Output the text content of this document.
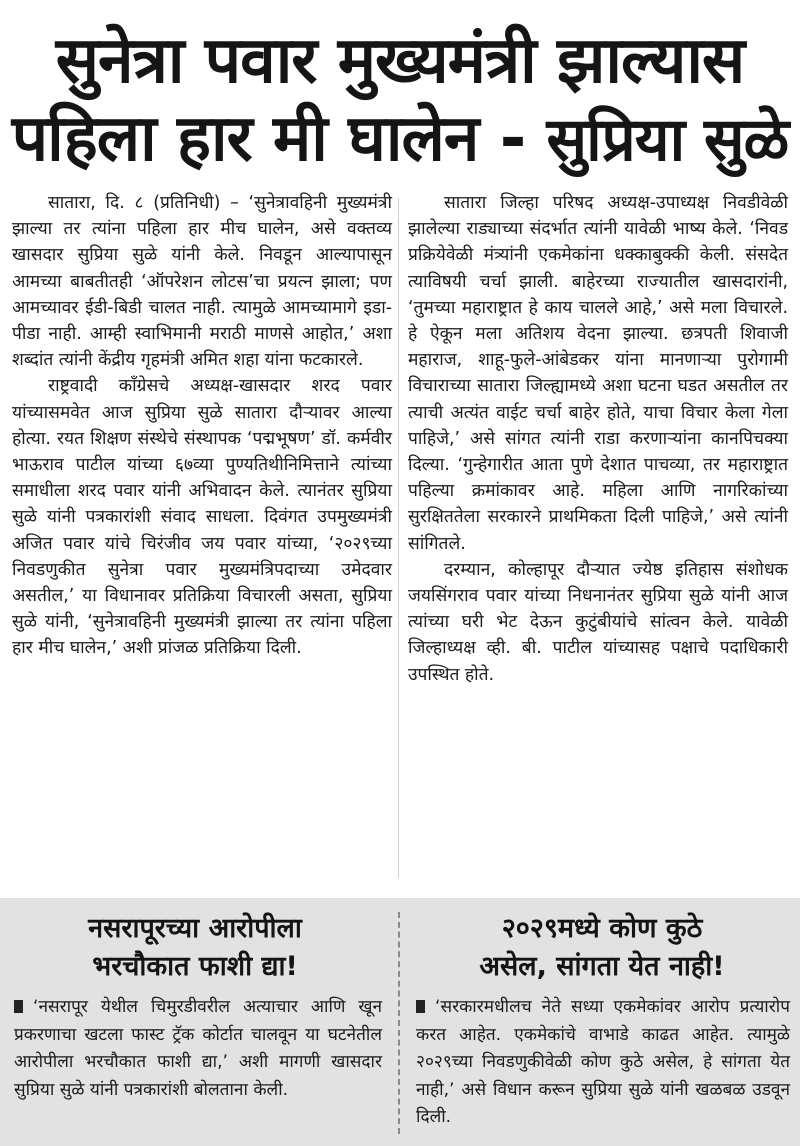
सुनेत्रा पवार मुख्यमंत्री झाल्यास
पहिला हार मी घालेन - सुप्रिया सुळे

सातारा, दि. ८ (प्रतिनिधी) – ‘सुनेत्रावहिनी मुख्यमंत्री झाल्या तर त्यांना पहिला हार मीच घालेन, असे वक्तव्य खासदार सुप्रिया सुळे यांनी केले. निवडून आल्यापासून आमच्या बाबतीतही ‘ऑपरेशन लोटस’चा प्रयत्न झाला; पण आमच्यावर ईडी-बिडी चालत नाही. त्यामुळे आमच्यामागे इडा-पीडा नाही. आम्ही स्वाभिमानी मराठी माणसे आहोत,’ अशा शब्दांत त्यांनी केंद्रीय गृहमंत्री अमित शहा यांना फटकारले.

राष्ट्रवादी काँग्रेसचे अध्यक्ष-खासदार शरद पवार यांच्यासमवेत आज सुप्रिया सुळे सातारा दौऱ्यावर आल्या होत्या. रयत शिक्षण संस्थेचे संस्थापक ‘पद्मभूषण’ डॉ. कर्मवीर भाऊराव पाटील यांच्या ६७व्या पुण्यतिथीनिमित्ताने त्यांच्या समाधीला शरद पवार यांनी अभिवादन केले. त्यानंतर सुप्रिया सुळे यांनी पत्रकारांशी संवाद साधला. दिवंगत उपमुख्यमंत्री अजित पवार यांचे चिरंजीव जय पवार यांच्या, ‘२०२९च्या निवडणुकीत सुनेत्रा पवार मुख्यमंत्रिपदाच्या उमेदवार असतील,’ या विधानावर प्रतिक्रिया विचारली असता, सुप्रिया सुळे यांनी, ‘सुनेत्रावहिनी मुख्यमंत्री झाल्या तर त्यांना पहिला हार मीच घालेन,’ अशी प्रांजळ प्रतिक्रिया दिली.

सातारा जिल्हा परिषद अध्यक्ष-उपाध्यक्ष निवडीवेळी झालेल्या राड्याच्या संदर्भात त्यांनी यावेळी भाष्य केले. ‘निवड प्रक्रियेवेळी मंत्र्यांनी एकमेकांना धक्काबुक्की केली. संसदेत त्याविषयी चर्चा झाली. बाहेरच्या राज्यातील खासदारांनी, ‘तुमच्या महाराष्ट्रात हे काय चालले आहे,’ असे मला विचारले. हे ऐकून मला अतिशय वेदना झाल्या. छत्रपती शिवाजी महाराज, शाहू-फुले-आंबेडकर यांना मानणाऱ्या पुरोगामी विचाराच्या सातारा जिल्ह्यामध्ये अशा घटना घडत असतील तर त्याची अत्यंत वाईट चर्चा बाहेर होते, याचा विचार केला गेला पाहिजे,’ असे सांगत त्यांनी राडा करणाऱ्यांना कानपिचक्या दिल्या. ‘गुन्हेगारीत आता पुणे देशात पाचव्या, तर महाराष्ट्रात पहिल्या क्रमांकावर आहे. महिला आणि नागरिकांच्या सुरक्षिततेला सरकारने प्राथमिकता दिली पाहिजे,’ असे त्यांनी सांगितले.

दरम्यान, कोल्हापूर दौऱ्यात ज्येष्ठ इतिहास संशोधक जयसिंगराव पवार यांच्या निधनानंतर सुप्रिया सुळे यांनी आज त्यांच्या घरी भेट देऊन कुटुंबीयांचे सांत्वन केले. यावेळी जिल्हाध्यक्ष व्ही. बी. पाटील यांच्यासह पक्षाचे पदाधिकारी उपस्थित होते.

नसरापूरच्या आरोपीला
भरचौकात फाशी द्या!
‘नसरापूर येथील चिमुरडीवरील अत्याचार आणि खून प्रकरणाचा खटला फास्ट ट्रॅक कोर्टात चालवून या घटनेतील आरोपीला भरचौकात फाशी द्या,’ अशी मागणी खासदार सुप्रिया सुळे यांनी पत्रकारांशी बोलताना केली.
२०२९मध्ये कोण कुठे
असेल, सांगता येत नाही!
‘सरकारमधीलच नेते सध्या एकमेकांवर आरोप प्रत्यारोप करत आहेत. एकमेकांचे वाभाडे काढत आहेत. त्यामुळे २०२९च्या निवडणुकीवेळी कोण कुठे असेल, हे सांगता येत नाही,’ असे विधान करून सुप्रिया सुळे यांनी खळबळ उडवून दिली.
